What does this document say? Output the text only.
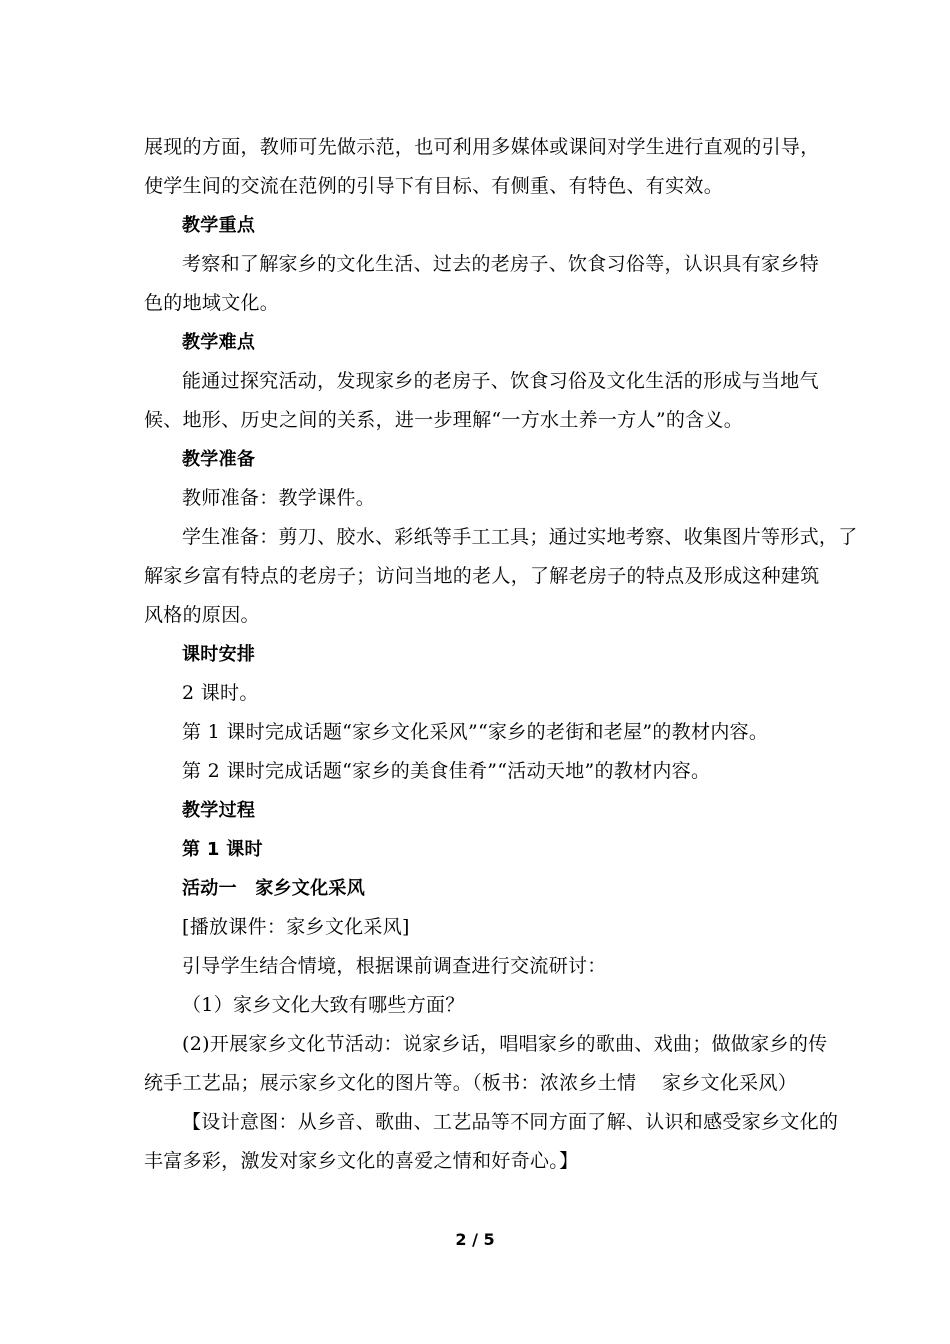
展现的方面，教师可先做示范，也可利用多媒体或课间对学生进行直观的引导，
使学生间的交流在范例的引导下有目标、有侧重、有特色、有实效。
教学重点
考察和了解家乡的文化生活、过去的老房子、饮食习俗等，认识具有家乡特
色的地域文化。
教学难点
能通过探究活动，发现家乡的老房子、饮食习俗及文化生活的形成与当地气
候、地形、历史之间的关系，进一步理解“一方水土养一方人”的含义。
教学准备
教师准备：教学课件。
学生准备：剪刀、胶水、彩纸等手工工具；通过实地考察、收集图片等形式，了
解家乡富有特点的老房子；访问当地的老人，了解老房子的特点及形成这种建筑
风格的原因。
课时安排
2 课时。
第 1 课时完成话题“家乡文化采风”“家乡的老街和老屋”的教材内容。
第 2 课时完成话题“家乡的美食佳肴”“活动天地”的教材内容。
教学过程
第 1 课时
活动一　家乡文化采风
[播放课件：家乡文化采风]
引导学生结合情境，根据课前调查进行交流研讨：
（1）家乡文化大致有哪些方面？
(2)开展家乡文化节活动：说家乡话，唱唱家乡的歌曲、戏曲；做做家乡的传
统手工艺品；展示家乡文化的图片等。（板书：浓浓乡土情　 家乡文化采风）
【设计意图：从乡音、歌曲、工艺品等不同方面了解、认识和感受家乡文化的
丰富多彩，激发对家乡文化的喜爱之情和好奇心。】
2 / 5
